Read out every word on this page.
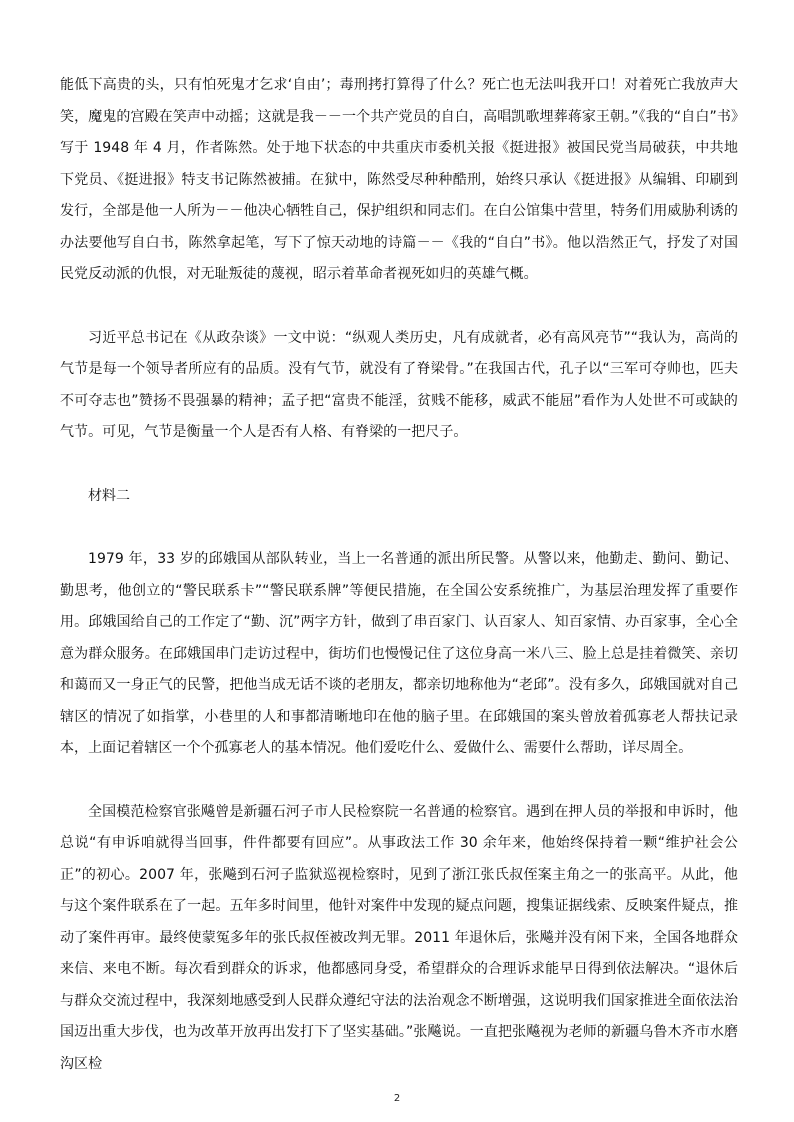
能低下高贵的头，只有怕死鬼才乞求‘自由’；毒刑拷打算得了什么？死亡也无法叫我开口！对着死亡我放声大笑，魔鬼的宫殿在笑声中动摇；这就是我－－一个共产党员的自白，高唱凯歌埋葬蒋家王朝。”《我的“自白”书》写于 1948 年 4 月，作者陈然。处于地下状态的中共重庆市委机关报《挺进报》被国民党当局破获，中共地下党员、《挺进报》特支书记陈然被捕。在狱中，陈然受尽种种酷刑，始终只承认《挺进报》从编辑、印刷到发行，全部是他一人所为－－他决心牺牲自己，保护组织和同志们。在白公馆集中营里，特务们用威胁利诱的办法要他写自白书，陈然拿起笔，写下了惊天动地的诗篇－－《我的“自白”书》。他以浩然正气，抒发了对国民党反动派的仇恨，对无耻叛徒的蔑视，昭示着革命者视死如归的英雄气概。

习近平总书记在《从政杂谈》一文中说：“纵观人类历史，凡有成就者，必有高风亮节”“我认为，高尚的气节是每一个领导者所应有的品质。没有气节，就没有了脊梁骨。”在我国古代，孔子以“三军可夺帅也，匹夫不可夺志也”赞扬不畏强暴的精神；孟子把“富贵不能淫，贫贱不能移，威武不能屈”看作为人处世不可或缺的气节。可见，气节是衡量一个人是否有人格、有脊梁的一把尺子。

材料二

1979 年，33 岁的邱娥国从部队转业，当上一名普通的派出所民警。从警以来，他勤走、勤问、勤记、勤思考，他创立的“警民联系卡”“警民联系牌”等便民措施，在全国公安系统推广，为基层治理发挥了重要作用。邱娥国给自己的工作定了“勤、沉”两字方针，做到了串百家门、认百家人、知百家情、办百家事，全心全意为群众服务。在邱娥国串门走访过程中，街坊们也慢慢记住了这位身高一米八三、脸上总是挂着微笑、亲切和蔼而又一身正气的民警，把他当成无话不谈的老朋友，都亲切地称他为“老邱”。没有多久，邱娥国就对自己辖区的情况了如指掌，小巷里的人和事都清晰地印在他的脑子里。在邱娥国的案头曾放着孤寡老人帮扶记录本，上面记着辖区一个个孤寡老人的基本情况。他们爱吃什么、爱做什么、需要什么帮助，详尽周全。

全国模范检察官张飚曾是新疆石河子市人民检察院一名普通的检察官。遇到在押人员的举报和申诉时，他总说“有申诉咱就得当回事，件件都要有回应”。从事政法工作 30 余年来，他始终保持着一颗“维护社会公正”的初心。2007 年，张飚到石河子监狱巡视检察时，见到了浙江张氏叔侄案主角之一的张高平。从此，他与这个案件联系在了一起。五年多时间里，他针对案件中发现的疑点问题，搜集证据线索、反映案件疑点，推动了案件再审。最终使蒙冤多年的张氏叔侄被改判无罪。2011 年退休后，张飚并没有闲下来，全国各地群众来信、来电不断。每次看到群众的诉求，他都感同身受，希望群众的合理诉求能早日得到依法解决。“退休后与群众交流过程中，我深刻地感受到人民群众遵纪守法的法治观念不断增强，这说明我们国家推进全面依法治国迈出重大步伐，也为改革开放再出发打下了坚实基础。”张飚说。一直把张飚视为老师的新疆乌鲁木齐市水磨沟区检

2
